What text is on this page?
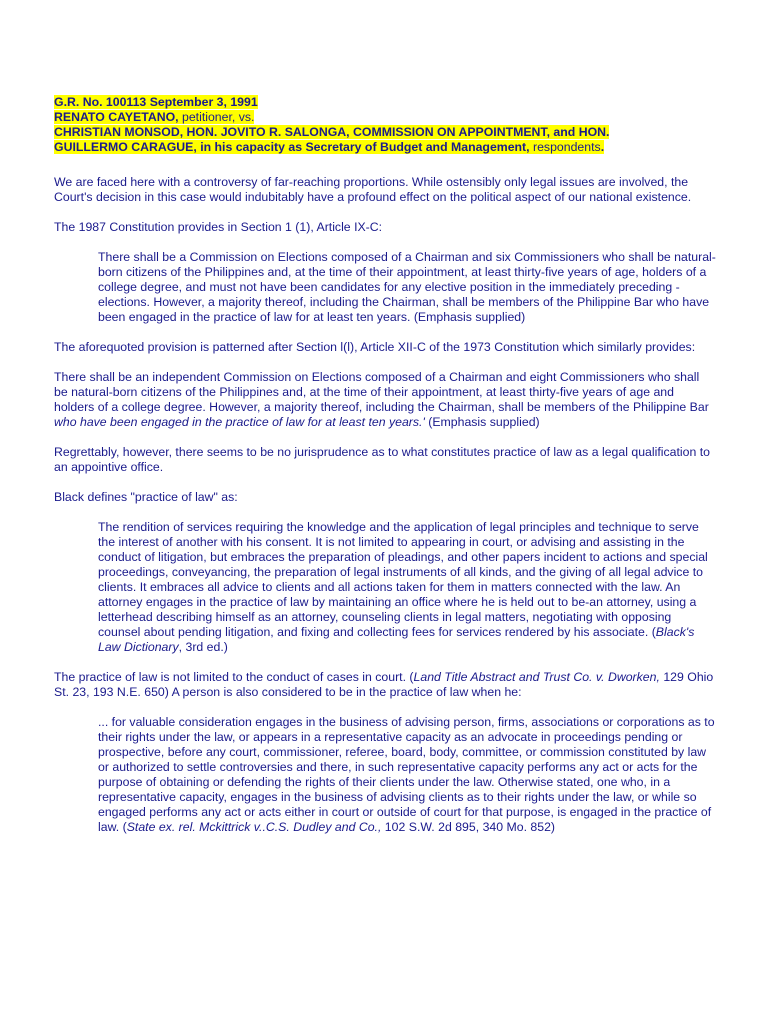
G.R. No. 100113 September 3, 1991
RENATO CAYETANO, petitioner, vs.
CHRISTIAN MONSOD, HON. JOVITO R. SALONGA, COMMISSION ON APPOINTMENT, and HON.
GUILLERMO CARAGUE, in his capacity as Secretary of Budget and Management, respondents.

We are faced here with a controversy of far-reaching proportions. While ostensibly only legal issues are involved, the Court's decision in this case would indubitably have a profound effect on the political aspect of our national existence.

The 1987 Constitution provides in Section 1 (1), Article IX-C:

There shall be a Commission on Elections composed of a Chairman and six Commissioners who shall be natural-born citizens of the Philippines and, at the time of their appointment, at least thirty-five years of age, holders of a college degree, and must not have been candidates for any elective position in the immediately preceding -elections. However, a majority thereof, including the Chairman, shall be members of the Philippine Bar who have been engaged in the practice of law for at least ten years. (Emphasis supplied)

The aforequoted provision is patterned after Section l(l), Article XII-C of the 1973 Constitution which similarly provides:

There shall be an independent Commission on Elections composed of a Chairman and eight Commissioners who shall be natural-born citizens of the Philippines and, at the time of their appointment, at least thirty-five years of age and holders of a college degree. However, a majority thereof, including the Chairman, shall be members of the Philippine Bar who have been engaged in the practice of law for at least ten years.' (Emphasis supplied)

Regrettably, however, there seems to be no jurisprudence as to what constitutes practice of law as a legal qualification to an appointive office.

Black defines "practice of law" as:

The rendition of services requiring the knowledge and the application of legal principles and technique to serve the interest of another with his consent. It is not limited to appearing in court, or advising and assisting in the conduct of litigation, but embraces the preparation of pleadings, and other papers incident to actions and special proceedings, conveyancing, the preparation of legal instruments of all kinds, and the giving of all legal advice to clients. It embraces all advice to clients and all actions taken for them in matters connected with the law. An attorney engages in the practice of law by maintaining an office where he is held out to be-an attorney, using a letterhead describing himself as an attorney, counseling clients in legal matters, negotiating with opposing counsel about pending litigation, and fixing and collecting fees for services rendered by his associate. (Black's Law Dictionary, 3rd ed.)

The practice of law is not limited to the conduct of cases in court. (Land Title Abstract and Trust Co. v. Dworken, 129 Ohio St. 23, 193 N.E. 650) A person is also considered to be in the practice of law when he:

... for valuable consideration engages in the business of advising person, firms, associations or corporations as to their rights under the law, or appears in a representative capacity as an advocate in proceedings pending or prospective, before any court, commissioner, referee, board, body, committee, or commission constituted by law or authorized to settle controversies and there, in such representative capacity performs any act or acts for the purpose of obtaining or defending the rights of their clients under the law. Otherwise stated, one who, in a representative capacity, engages in the business of advising clients as to their rights under the law, or while so engaged performs any act or acts either in court or outside of court for that purpose, is engaged in the practice of law. (State ex. rel. Mckittrick v..C.S. Dudley and Co., 102 S.W. 2d 895, 340 Mo. 852)
